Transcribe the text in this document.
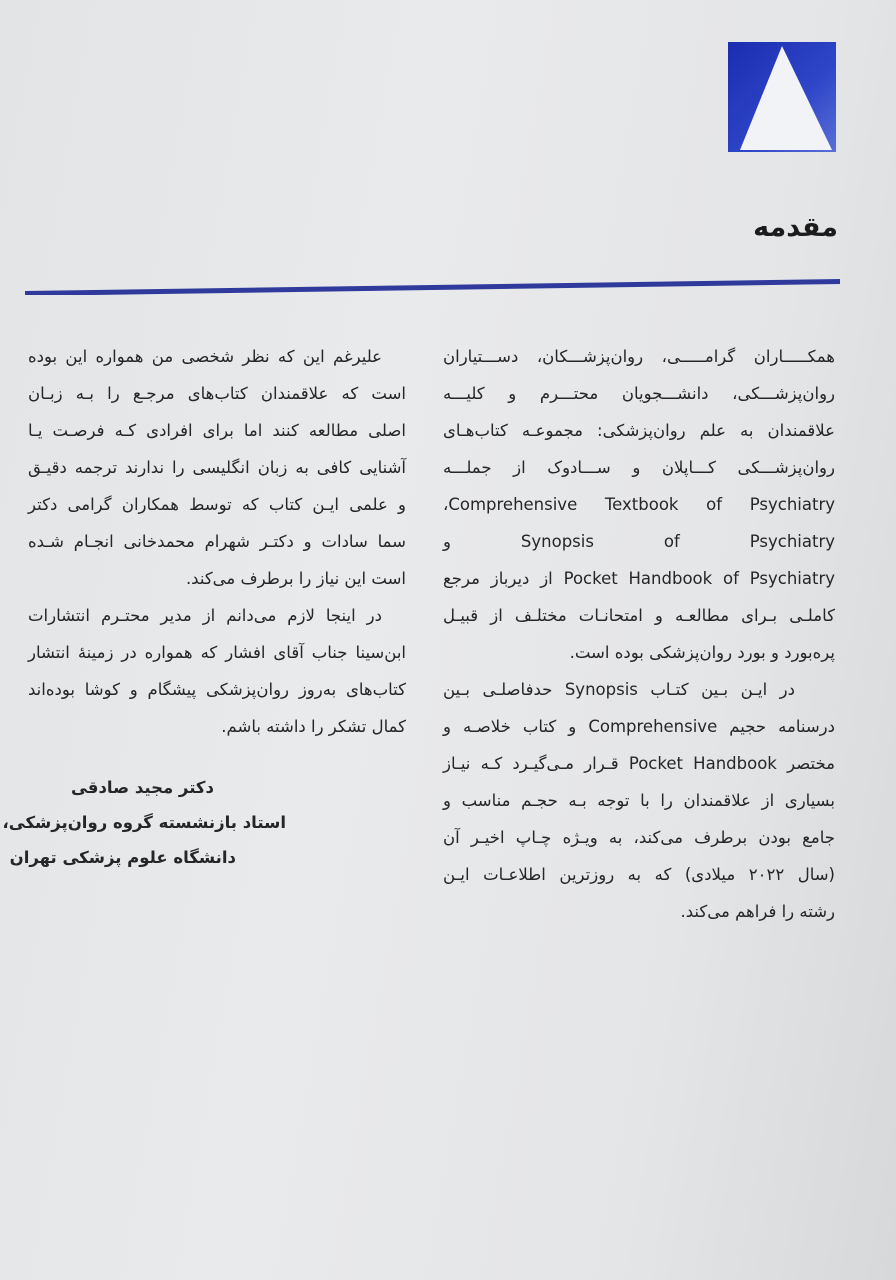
مقدمه

همکـــــاران گرامـــــی، روان‌پزشـــکان، دســـتیاران
روان‌پزشـــکی، دانشـــجویان محتـــرم و کلیـــه
علاقمندان به علم روان‌پزشکی: مجموعـه کتاب‌هـای
روان‌پزشـــکی کـــاپلان و ســـادوک از جملـــه
Comprehensive Textbook of Psychiatry،
Synopsis of Psychiatry و
Pocket Handbook of Psychiatry از دیرباز مرجع
کاملـی بـرای مطالعـه و امتحانـات مختلـف از قبیـل
پره‌بورد و بورد روان‌پزشکی بوده است.

در ایـن بـین کتـاب Synopsis حدفاصلـی بـین
درسنامه حجیم Comprehensive و کتاب خلاصـه و
مختصر Pocket Handbook قـرار مـی‌گیـرد کـه نیـاز
بسیاری از علاقمندان را با توجه بـه حجـم مناسب و
جامع بودن برطرف می‌کند، به ویـژه چـاپ اخیـر آن
(سال ۲۰۲۲ میلادی) که به روزترین اطلاعـات ایـن
رشته را فراهم می‌کند.

علیرغم این که نظر شخصی من همواره این بوده
است که علاقمندان کتاب‌های مرجـع را بـه زبـان
اصلی مطالعه کنند اما برای افرادی کـه فرصـت یـا
آشنایی کافی به زبان انگلیسی را ندارند ترجمه دقیـق
و علمی ایـن کتاب که توسط همکاران گرامی دکتر
سما سادات و دکتـر شهرام محمدخانی انجـام شـده
است این نیاز را برطرف می‌کند.

در اینجا لازم می‌دانم از مدیر محتـرم انتشارات
ابن‌سینا جناب آقای افشار که همواره در زمینهٔ انتشار
کتاب‌های به‌روز روان‌پزشکی پیشگام و کوشا بوده‌اند
کمال تشکر را داشته باشم.

دکتر مجید صادقی
استاد بازنشسته گروه روان‌پزشکی،
دانشگاه علوم پزشکی تهران
